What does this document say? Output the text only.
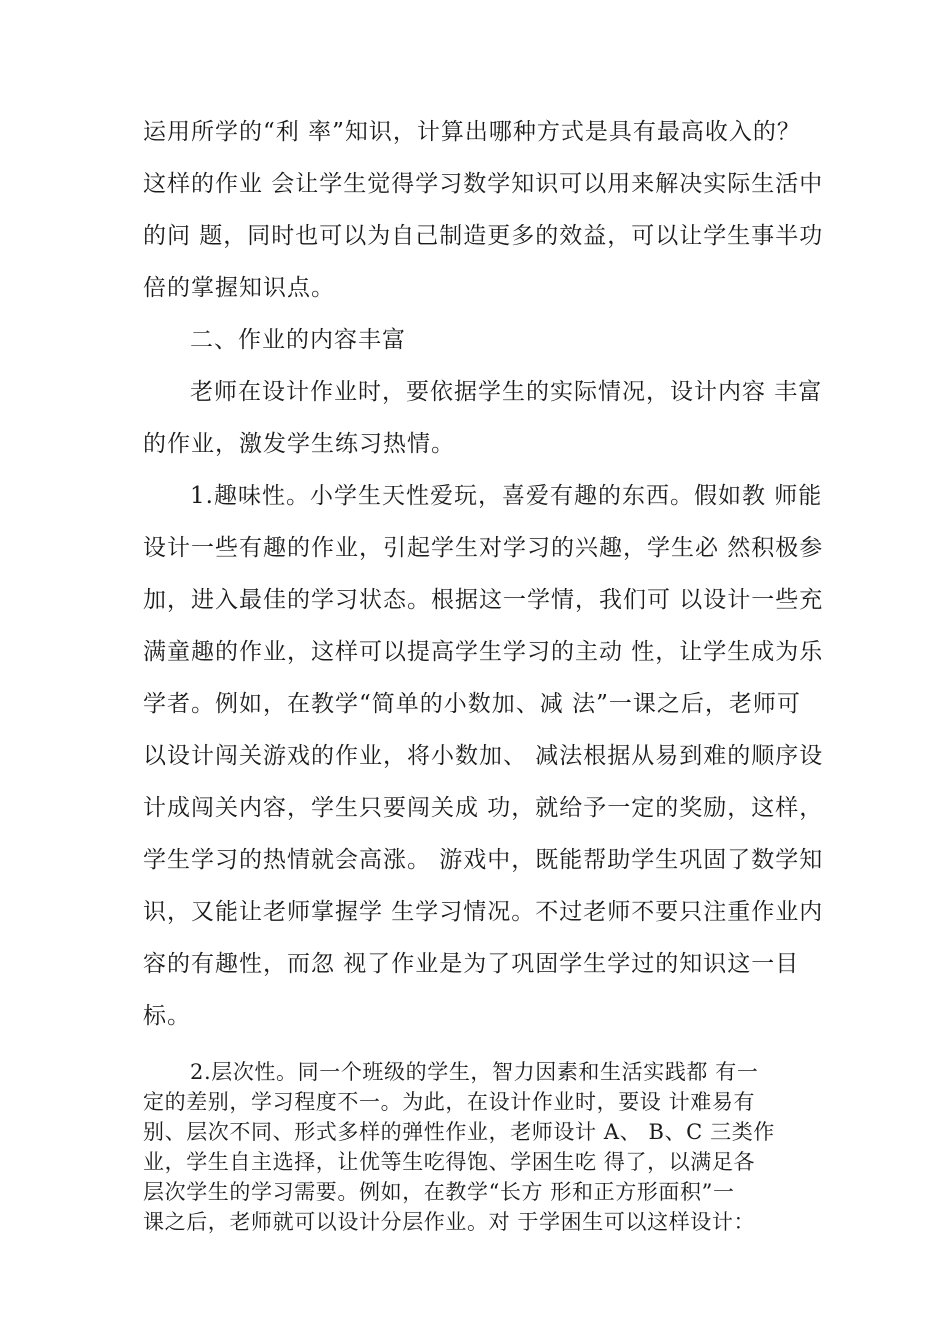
运用所学的“利 率”知识，计算出哪种方式是具有最高收入的？
这样的作业 会让学生觉得学习数学知识可以用来解决实际生活中
的问 题，同时也可以为自己制造更多的效益，可以让学生事半功
倍的掌握知识点。
二、作业的内容丰富
老师在设计作业时，要依据学生的实际情况，设计内容 丰富
的作业，激发学生练习热情。
1.趣味性。小学生天性爱玩，喜爱有趣的东西。假如教 师能
设计一些有趣的作业，引起学生对学习的兴趣，学生必 然积极参
加，进入最佳的学习状态。根据这一学情，我们可 以设计一些充
满童趣的作业，这样可以提高学生学习的主动 性，让学生成为乐
学者。例如，在教学“简单的小数加、减 法”一课之后，老师可
以设计闯关游戏的作业，将小数加、 减法根据从易到难的顺序设
计成闯关内容，学生只要闯关成 功，就给予一定的奖励，这样，
学生学习的热情就会高涨。 游戏中，既能帮助学生巩固了数学知
识，又能让老师掌握学 生学习情况。不过老师不要只注重作业内
容的有趣性，而忽 视了作业是为了巩固学生学过的知识这一目
标。
2.层次性。同一个班级的学生，智力因素和生活实践都 有一
定的差别，学习程度不一。为此，在设计作业时，要设 计难易有
别、层次不同、形式多样的弹性作业，老师设计 A、 B、C 三类作
业，学生自主选择，让优等生吃得饱、学困生吃 得了，以满足各
层次学生的学习需要。例如，在教学“长方 形和正方形面积”一
课之后，老师就可以设计分层作业。对 于学困生可以这样设计：
